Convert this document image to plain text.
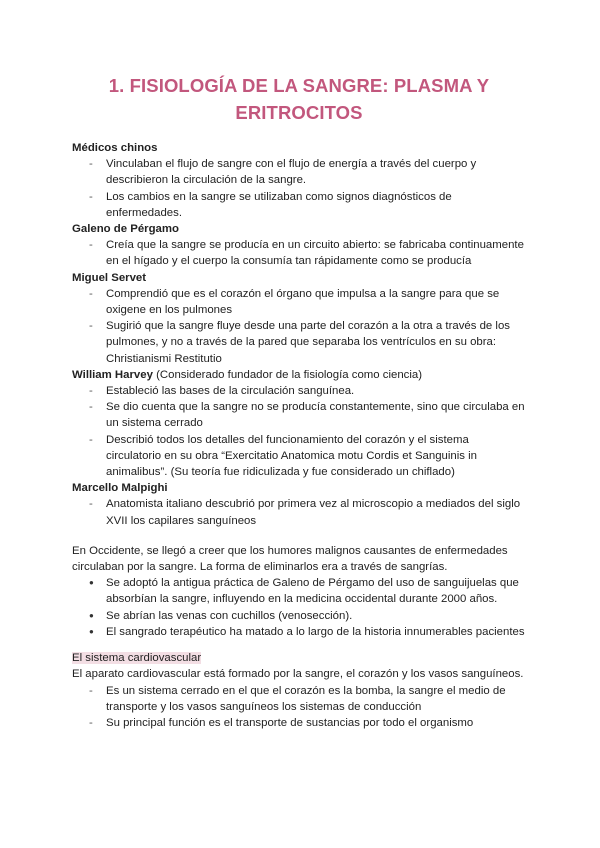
1. FISIOLOGÍA DE LA SANGRE: PLASMA Y ERITROCITOS
Médicos chinos
- Vinculaban el flujo de sangre con el flujo de energía a través del cuerpo y describieron la circulación de la sangre.
- Los cambios en la sangre se utilizaban como signos diagnósticos de enfermedades.
Galeno de Pérgamo
- Creía que la sangre se producía en un circuito abierto: se fabricaba continuamente en el hígado y el cuerpo la consumía tan rápidamente como se producía
Miguel Servet
- Comprendió que es el corazón el órgano que impulsa a la sangre para que se oxigene en los pulmones
- Sugirió que la sangre fluye desde una parte del corazón a la otra a través de los pulmones, y no a través de la pared que separaba los ventrículos en su obra: Christianismi Restitutio
William Harvey (Considerado fundador de la fisiología como ciencia)
- Estableció las bases de la circulación sanguínea.
- Se dio cuenta que la sangre no se producía constantemente, sino que circulaba en un sistema cerrado
- Describió todos los detalles del funcionamiento del corazón y el sistema circulatorio en su obra “Exercitatio Anatomica motu Cordis et Sanguinis in animalibus”. (Su teoría fue ridiculizada y fue considerado un chiflado)
Marcello Malpighi
- Anatomista italiano descubrió por primera vez al microscopio a mediados del siglo XVII los capilares sanguíneos
En Occidente, se llegó a creer que los humores malignos causantes de enfermedades circulaban por la sangre. La forma de eliminarlos era a través de sangrías.
● Se adoptó la antigua práctica de Galeno de Pérgamo del uso de sanguijuelas que absorbían la sangre, influyendo en la medicina occidental durante 2000 años.
● Se abrían las venas con cuchillos (venosección).
● El sangrado terapéutico ha matado a lo largo de la historia innumerables pacientes
El sistema cardiovascular
El aparato cardiovascular está formado por la sangre, el corazón y los vasos sanguíneos.
- Es un sistema cerrado en el que el corazón es la bomba, la sangre el medio de transporte y los vasos sanguíneos los sistemas de conducción
- Su principal función es el transporte de sustancias por todo el organismo
